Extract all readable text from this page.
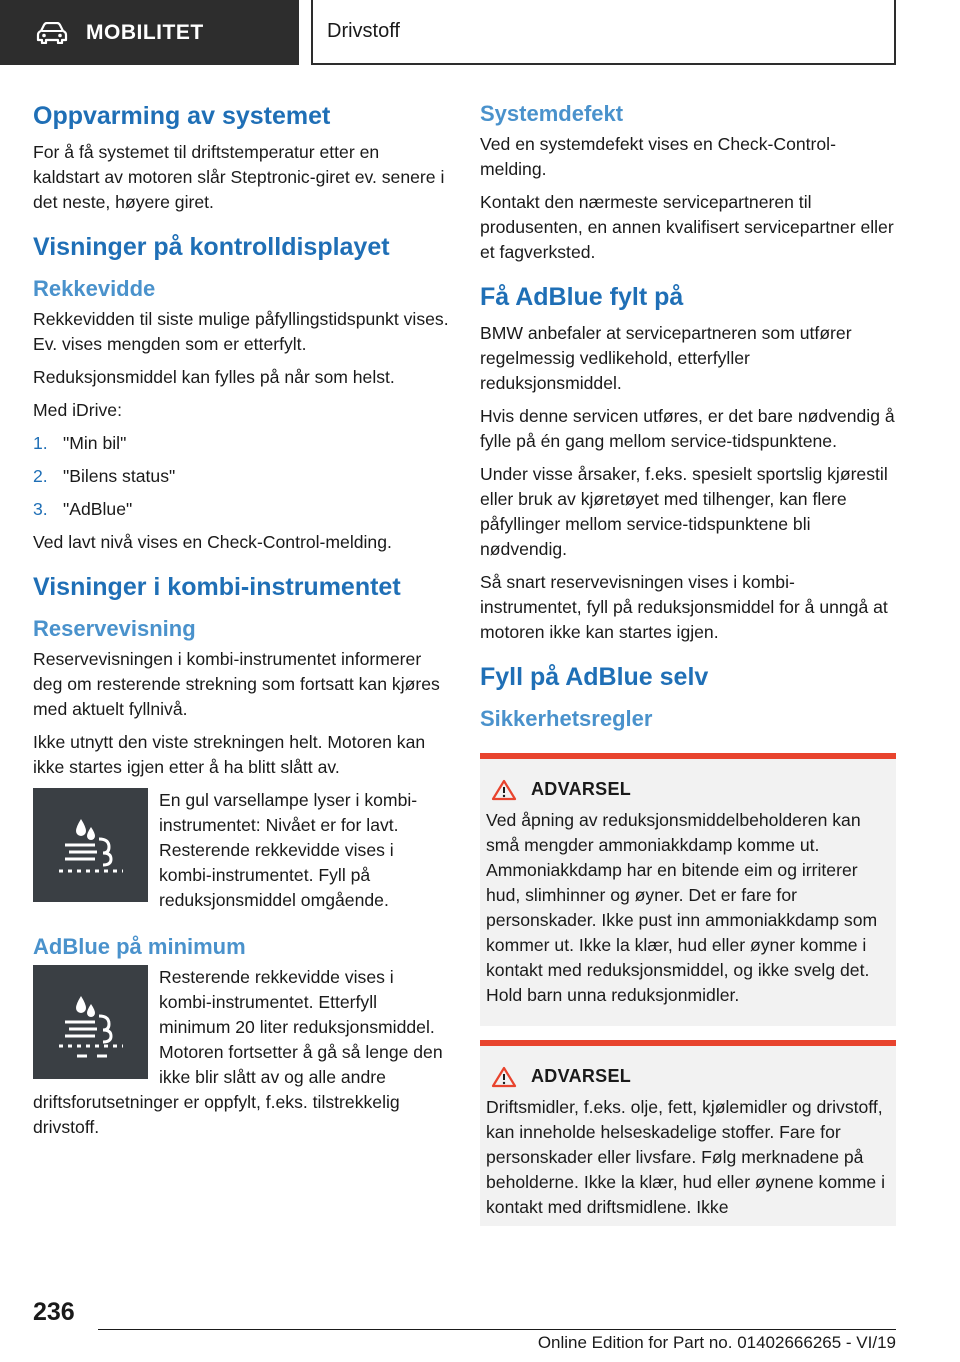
MOBILITET	Drivstoff
Oppvarming av systemet

For å få systemet til driftstemperatur etter en kaldstart av motoren slår Steptronic-giret ev. senere i det neste, høyere giret.

Visninger på kontrolldisplayet
Rekkevidde

Rekkevidden til siste mulige påfyllingstidspunkt vises. Ev. vises mengden som er etterfylt.

Reduksjonsmiddel kan fylles på når som helst.

Med iDrive:

1. "Min bil"
2. "Bilens status"
3. "AdBlue"

Ved lavt nivå vises en Check-Control-melding.

Visninger i kombi-instrumentet
Reservevisning

Reservevisningen i kombi-instrumentet informerer deg om resterende strekning som fortsatt kan kjøres med aktuelt fyllnivå.

Ikke utnytt den viste strekningen helt. Motoren kan ikke startes igjen etter å ha blitt slått av.

En gul varsellampe lyser i kombi-instrumentet: Nivået er for lavt. Resterende rekkevidde vises i kombi-instrumentet. Fyll på reduksjonsmiddel omgående.

AdBlue på minimum

Resterende rekkevidde vises i kombi-instrumentet. Etterfyll minimum 20 liter reduksjonsmiddel. Motoren fortsetter å gå så lenge den ikke blir slått av og alle andre

driftsforutsetninger er oppfylt, f.eks. tilstrekkelig drivstoff.

Systemdefekt

Ved en systemdefekt vises en Check-Control-melding.

Kontakt den nærmeste servicepartneren til produsenten, en annen kvalifisert servicepartner eller et fagverksted.

Få AdBlue fylt på

BMW anbefaler at servicepartneren som utfører regelmessig vedlikehold, etterfyller reduksjonsmiddel.

Hvis denne servicen utføres, er det bare nødvendig å fylle på én gang mellom service-tidspunktene.

Under visse årsaker, f.eks. spesielt sportslig kjørestil eller bruk av kjøretøyet med tilhenger, kan flere påfyllinger mellom service-tidspunktene bli nødvendig.

Så snart reservevisningen vises i kombi-instrumentet, fyll på reduksjonsmiddel for å unngå at motoren ikke kan startes igjen.

Fyll på AdBlue selv
Sikkerhetsregler
ADVARSEL

Ved åpning av reduksjonsmiddelbeholderen kan små mengder ammoniakkdamp komme ut. Ammoniakkdamp har en bitende eim og irriterer hud, slimhinner og øyner. Det er fare for personskader. Ikke pust inn ammoniakkdamp som kommer ut. Ikke la klær, hud eller øyner komme i kontakt med reduksjonsmiddel, og ikke svelg det. Hold barn unna reduksjonmidler.

ADVARSEL

Driftsmidler, f.eks. olje, fett, kjølemidler og drivstoff, kan inneholde helseskadelige stoffer. Fare for personskader eller livsfare. Følg merknadene på beholderne. Ikke la klær, hud eller øynene komme i kontakt med driftsmidlene. Ikke

236
Online Edition for Part no. 01402666265 - VI/19
